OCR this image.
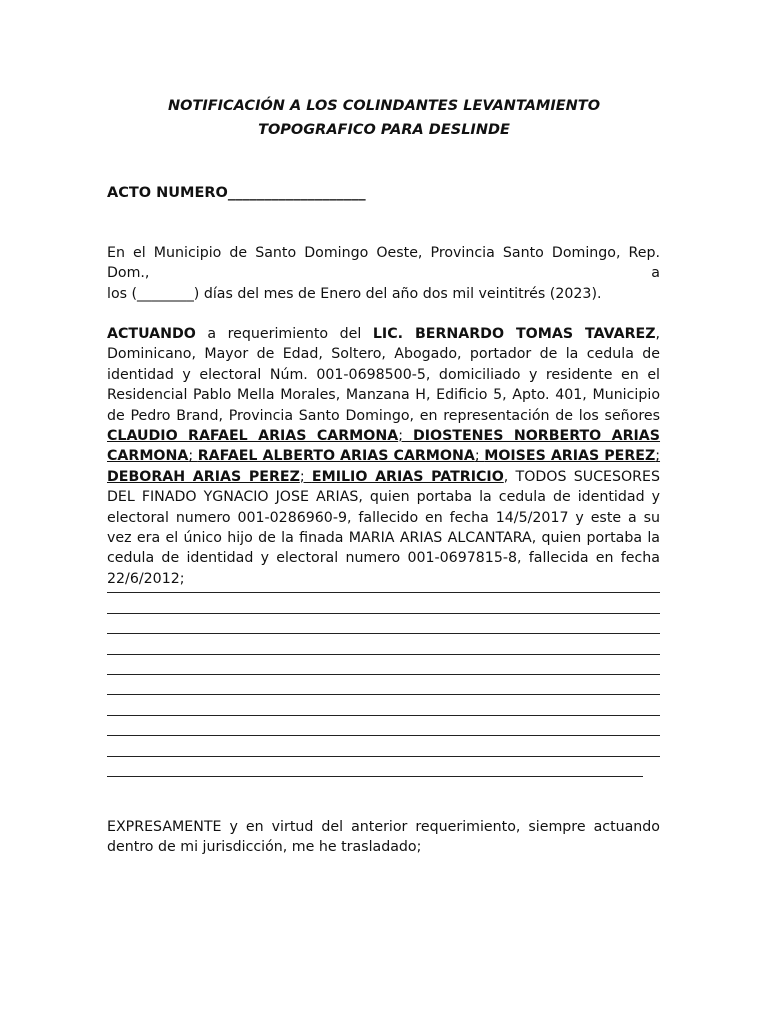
NOTIFICACIÓN A LOS COLINDANTES LEVANTAMIENTO
TOPOGRAFICO PARA DESLINDE
ACTO NUMERO___________________
En el Municipio de Santo Domingo Oeste, Provincia Santo Domingo, Rep. Dom., a
los (________) días del mes de Enero del año dos mil veintitrés (2023).
ACTUANDO a requerimiento del LIC. BERNARDO TOMAS TAVAREZ, Dominicano, Mayor de Edad, Soltero, Abogado, portador de la cedula de identidad y electoral Núm. 001-0698500-5, domiciliado y residente en el Residencial Pablo Mella Morales, Manzana H, Edificio 5, Apto. 401, Municipio de Pedro Brand, Provincia Santo Domingo, en representación de los señores CLAUDIO RAFAEL ARIAS CARMONA; DIOSTENES NORBERTO ARIAS CARMONA; RAFAEL ALBERTO ARIAS CARMONA; MOISES ARIAS PEREZ; DEBORAH ARIAS PEREZ; EMILIO ARIAS PATRICIO, TODOS SUCESORES DEL FINADO YGNACIO JOSE ARIAS, quien portaba la cedula de identidad y electoral numero 001-0286960-9, fallecido en fecha 14/5/2017 y este a su vez era el único hijo de la finada MARIA ARIAS ALCANTARA, quien portaba la cedula de identidad y electoral numero 001-0697815-8, fallecida en fecha 22/6/2012;
EXPRESAMENTE y en virtud del anterior requerimiento, siempre actuando dentro de mi jurisdicción, me he trasladado;
